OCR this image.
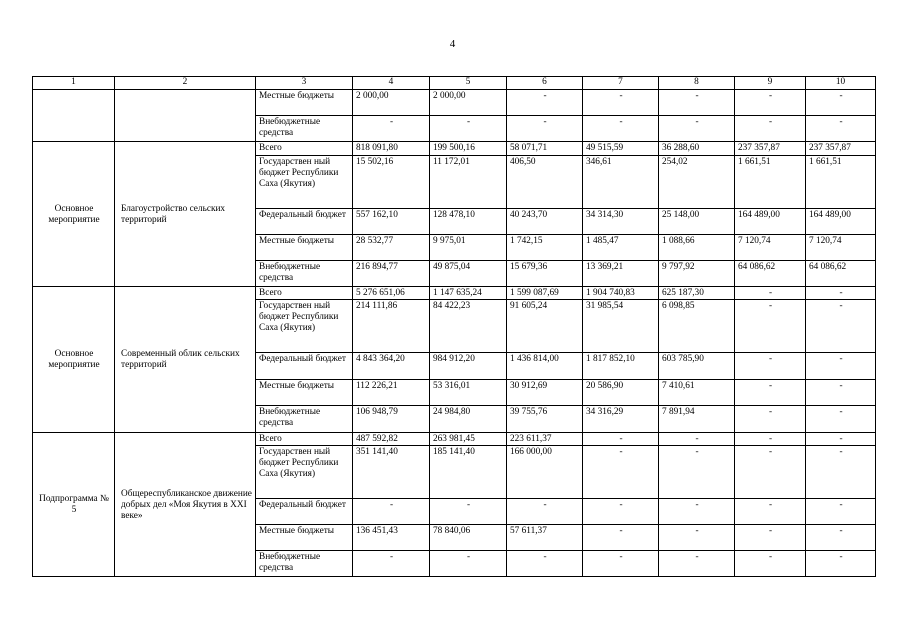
4
1	2	3	4	5	6	7	8	9	10
		Местные бюджеты	2 000,00	2 000,00	-	-	-	-	-
		Внебюджетные средства	-	-	-	-	-	-	-
Основное мероприятие	Благоустройство сельских территорий	Всего	818 091,80	199 500,16	58 071,71	49 515,59	36 288,60	237 357,87	237 357,87
		Государствен ный бюджет Республики Саха (Якутия)	15 502,16	11 172,01	406,50	346,61	254,02	1 661,51	1 661,51
		Федеральный бюджет	557 162,10	128 478,10	40 243,70	34 314,30	25 148,00	164 489,00	164 489,00
		Местные бюджеты	28 532,77	9 975,01	1 742,15	1 485,47	1 088,66	7 120,74	7 120,74
		Внебюджетные средства	216 894,77	49 875,04	15 679,36	13 369,21	9 797,92	64 086,62	64 086,62
Основное мероприятие	Современный облик сельских территорий	Всего	5 276 651,06	1 147 635,24	1 599 087,69	1 904 740,83	625 187,30	-	-
		Государствен ный бюджет Республики Саха (Якутия)	214 111,86	84 422,23	91 605,24	31 985,54	6 098,85	-	-
		Федеральный бюджет	4 843 364,20	984 912,20	1 436 814,00	1 817 852,10	603 785,90	-	-
		Местные бюджеты	112 226,21	53 316,01	30 912,69	20 586,90	7 410,61	-	-
		Внебюджетные средства	106 948,79	24 984,80	39 755,76	34 316,29	7 891,94	-	-
Подпрограмма № 5	Общереспубликанское движение добрых дел «Моя Якутия в XXI веке»	Всего	487 592,82	263 981,45	223 611,37	-	-	-	-
		Государствен ный бюджет Республики Саха (Якутия)	351 141,40	185 141,40	166 000,00	-	-	-	-
		Федеральный бюджет	-	-	-	-	-	-	-
		Местные бюджеты	136 451,43	78 840,06	57 611,37	-	-	-	-
		Внебюджетные средства	-	-	-	-	-	-	-
